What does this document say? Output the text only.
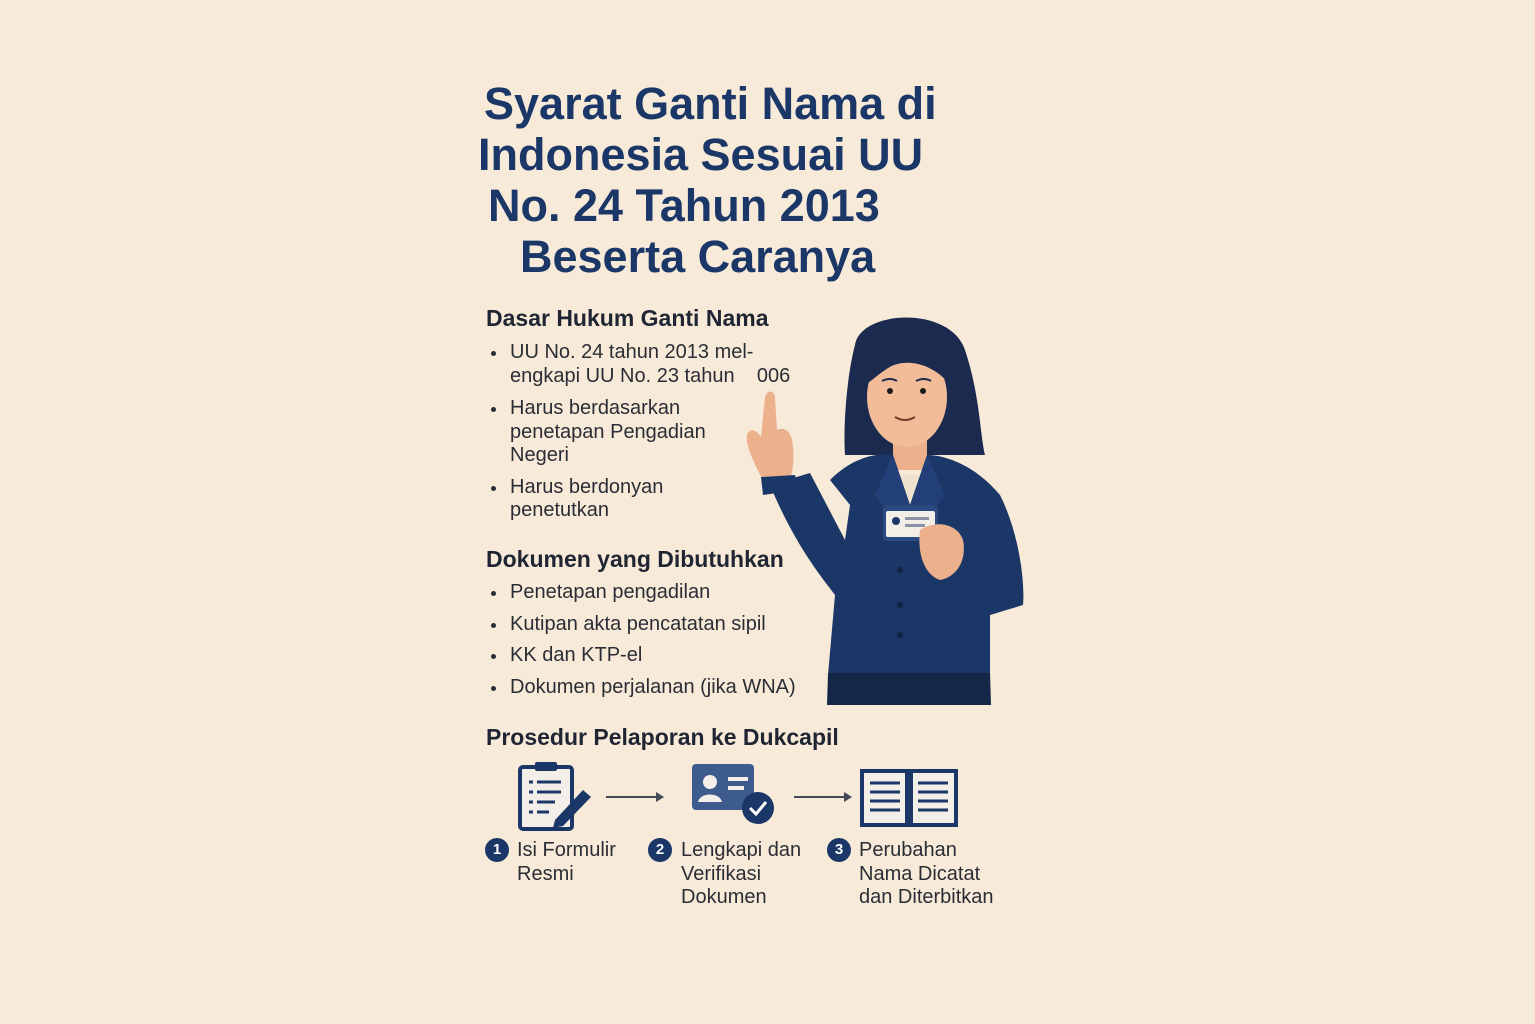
Syarat Ganti Nama di
Indonesia Sesuai UU
No. 24 Tahun 2013
Beserta Caranya
Dasar Hukum Ganti Nama
UU No. 24 tahun 2013 mel-
engkapi UU No. 23 tahun    006
Harus berdasarkan
penetapan Pengadian
Negeri
Harus berdonyan
penetutkan
Dokumen yang Dibutuhkan
Penetapan pengadilan
Kutipan akta pencatatan sipil
KK dan KTP-el
Dokumen perjalanan (jika WNA)
Prosedur Pelaporan ke Dukcapil
1 Isi Formulir
Resmi
2 Lengkapi dan
Verifikasi
Dokumen
3 Perubahan
Nama Dicatat
dan Diterbitkan
